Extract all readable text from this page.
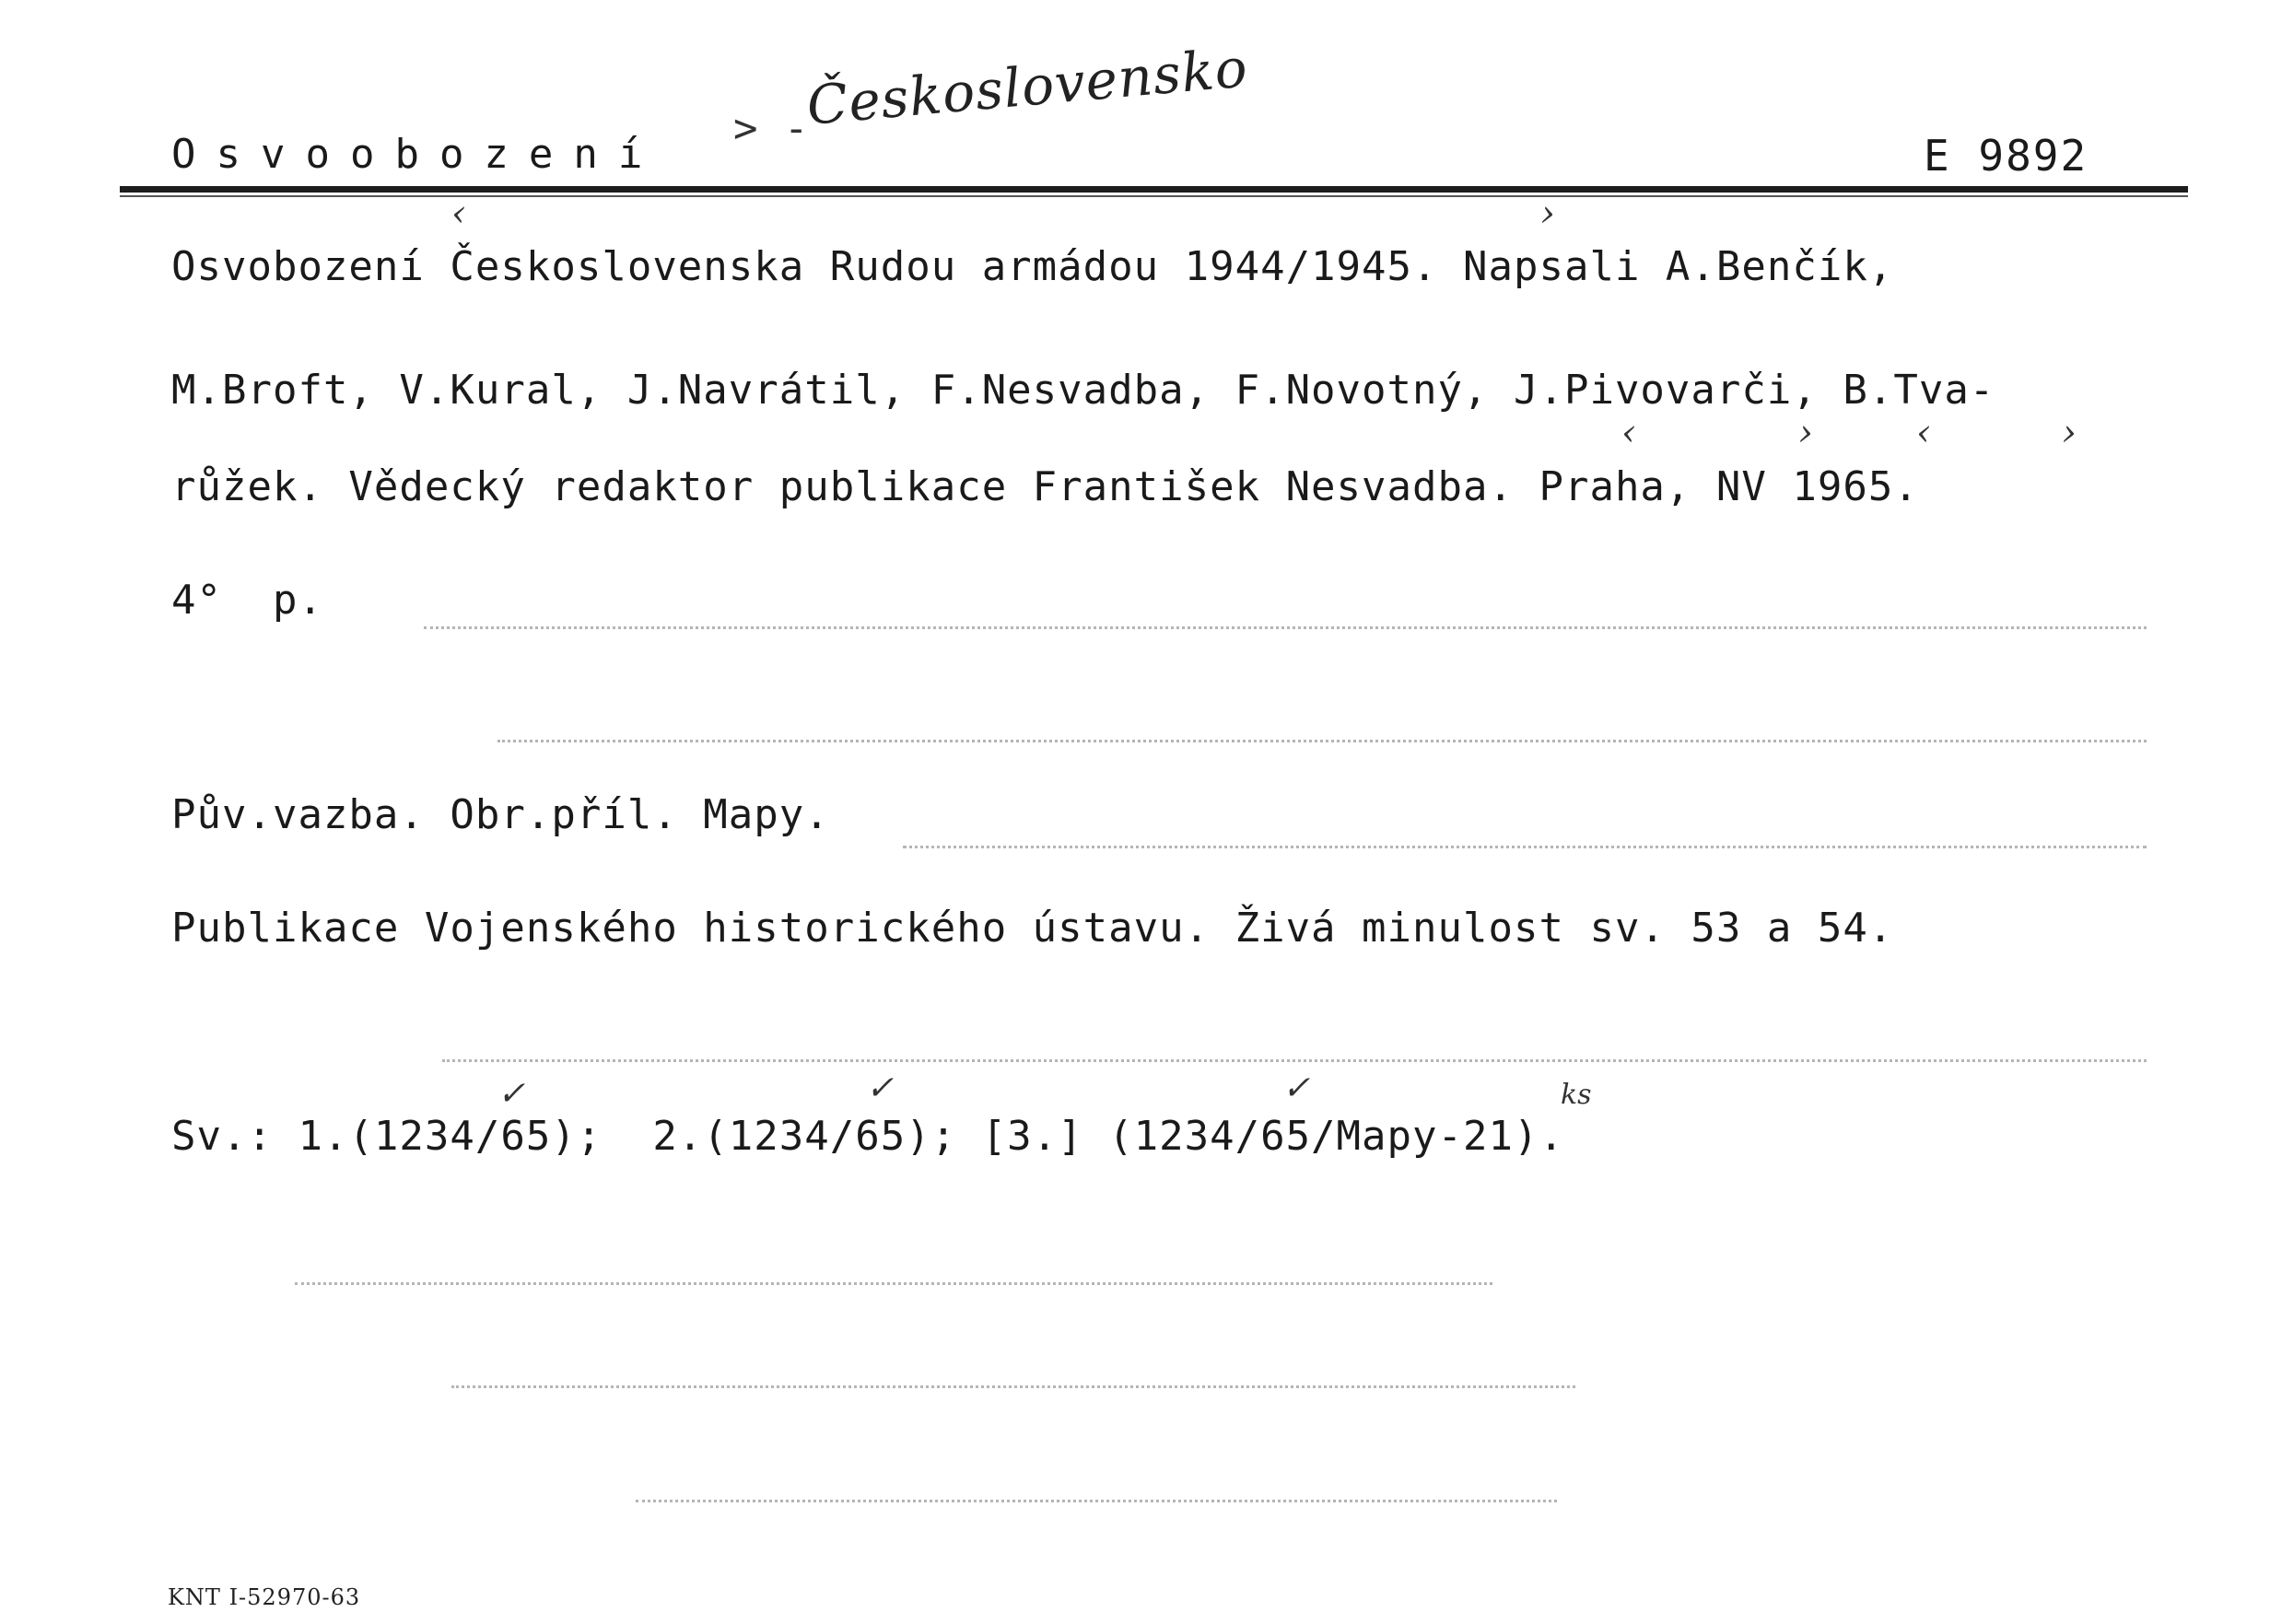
Osvoobození
> -
Československo
E 9892
‹	›
‹	›	‹	›
✓	✓	✓
Osvobození Československa Rudou armádou 1944/1945. Napsali A.Benčík,
M.Broft, V.Kural, J.Navrátil, F.Nesvadba, F.Novotný, J.Pivovarči, B.Tva-
růžek. Vědecký redaktor publikace František Nesvadba. Praha, NV 1965.
4°  p.
Pův.vazba. Obr.příl. Mapy.
Publikace Vojenského historického ústavu. Živá minulost sv. 53 a 54.
Sv.: 1.(1234/65);  2.(1234/65); [3.] (1234/65/Mapy-21).
ks
KNT I-52970-63
